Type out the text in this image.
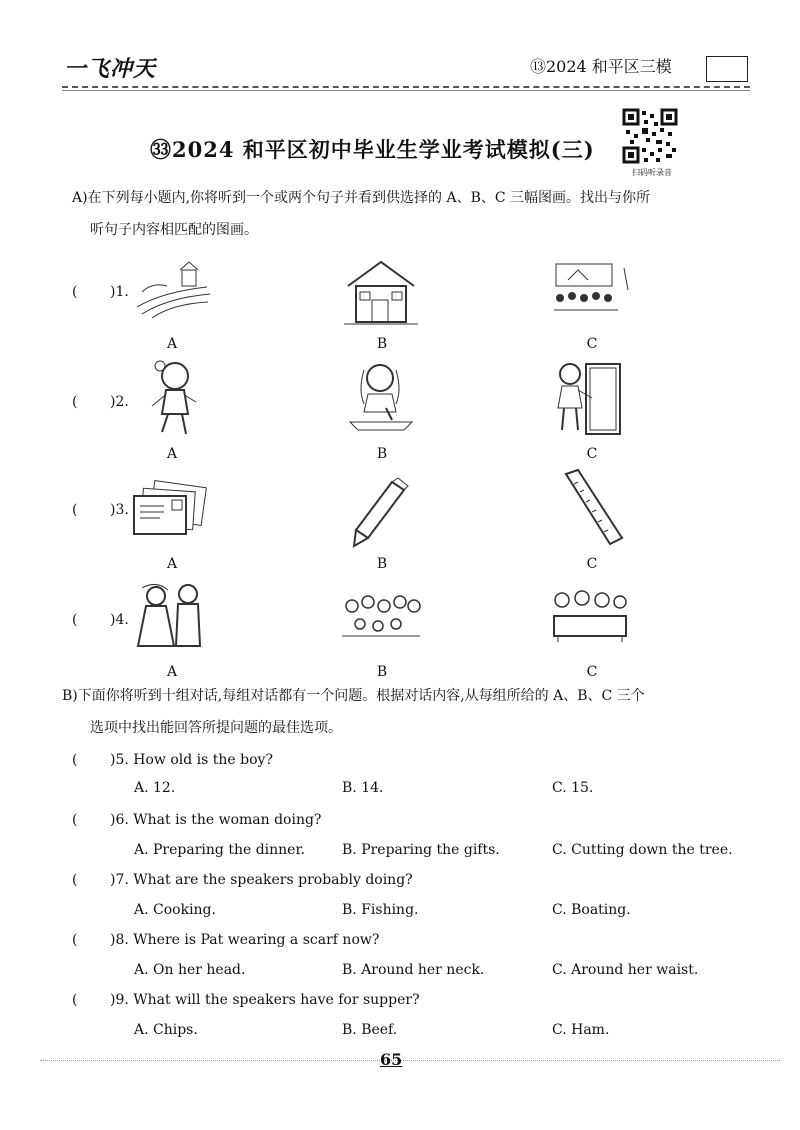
一飞冲天	⑬2024 和平区三模
扫码听录音
㉝2024 和平区初中毕业生学业考试模拟(三)
A)在下列每小题内,你将听到一个或两个句子并看到供选择的 A、B、C 三幅图画。找出与你所
听句子内容相匹配的图画。
( )1.
A	B	C
( )2.
A	B	C
( )3.
A	B	C
( )4.
A	B	C
B)下面你将听到十组对话,每组对话都有一个问题。根据对话内容,从每组所给的 A、B、C 三个
选项中找出能回答所提问题的最佳选项。
( )5. How old is the boy?
A. 12.	B. 14.	C. 15.
( )6. What is the woman doing?
A. Preparing the dinner.	B. Preparing the gifts.	C. Cutting down the tree.
( )7. What are the speakers probably doing?
A. Cooking.	B. Fishing.	C. Boating.
( )8. Where is Pat wearing a scarf now?
A. On her head.	B. Around her neck.	C. Around her waist.
( )9. What will the speakers have for supper?
A. Chips.	B. Beef.	C. Ham.
65
